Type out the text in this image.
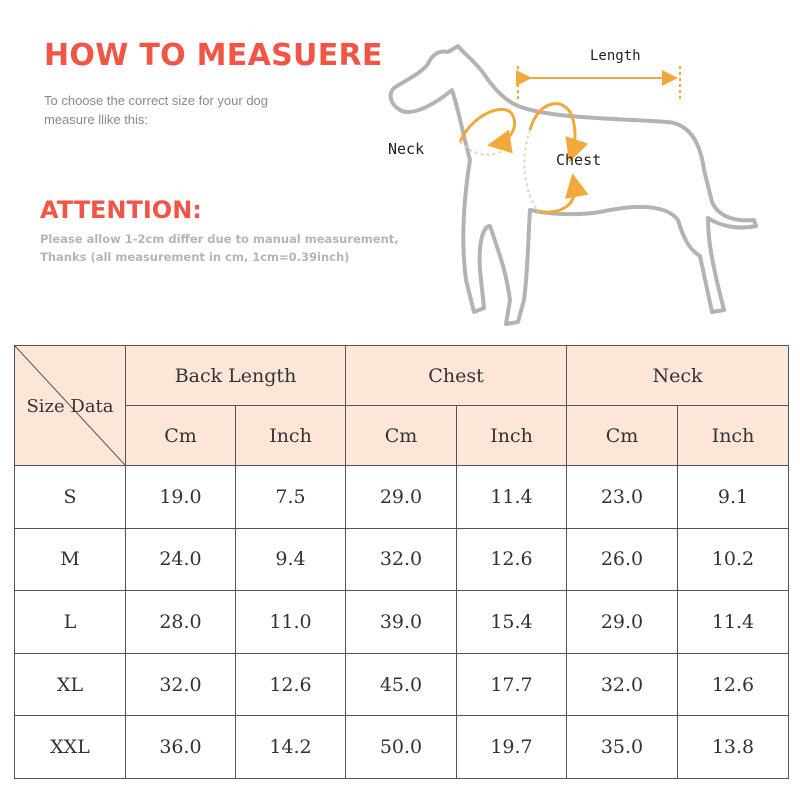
HOW TO MEASUERE

To choose the correct size for your dog

measure llike this:

ATTENTION:

Please allow 1-2cm differ due to manual measurement,

Thanks (all measurement in cm, 1cm=0.39inch)

Length
Neck
Chest
Size Data	Back Length		Chest		Neck	
	Cm	Inch	Cm	Inch	Cm	Inch
S	19.0	7.5	29.0	11.4	23.0	9.1
M	24.0	9.4	32.0	12.6	26.0	10.2
L	28.0	11.0	39.0	15.4	29.0	11.4
XL	32.0	12.6	45.0	17.7	32.0	12.6
XXL	36.0	14.2	50.0	19.7	35.0	13.8
